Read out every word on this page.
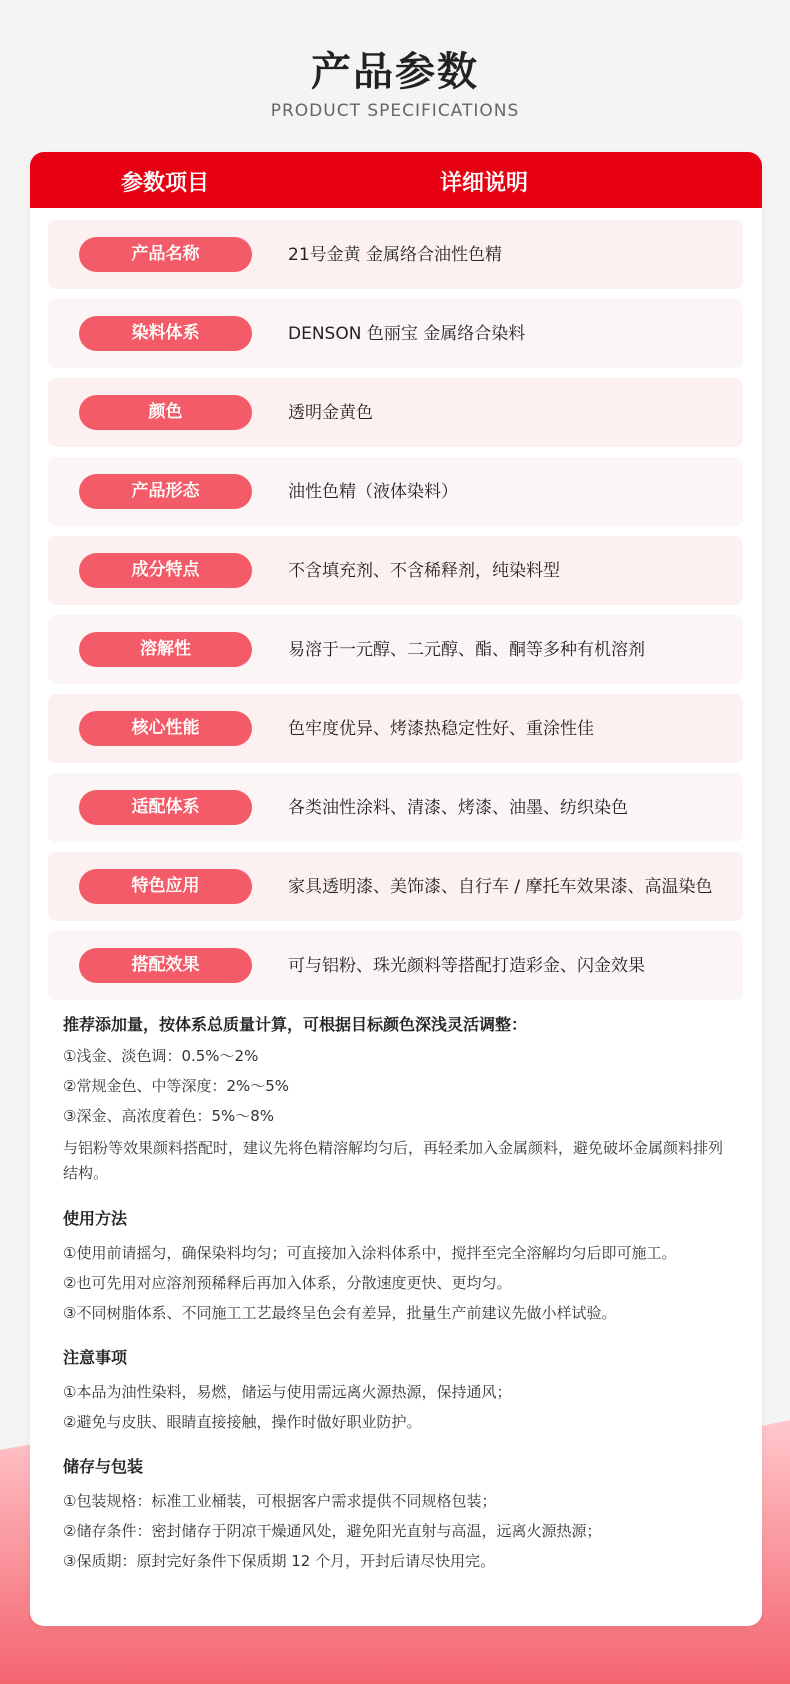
产品参数
PRODUCT SPECIFICATIONS
参数项目	详细说明
产品名称	21号金黄 金属络合油性色精
染料体系	DENSON 色丽宝 金属络合染料
颜色	透明金黄色
产品形态	油性色精（液体染料）
成分特点	不含填充剂、不含稀释剂，纯染料型
溶解性	易溶于一元醇、二元醇、酯、酮等多种有机溶剂
核心性能	色牢度优异、烤漆热稳定性好、重涂性佳
适配体系	各类油性涂料、清漆、烤漆、油墨、纺织染色
特色应用	家具透明漆、美饰漆、自行车 / 摩托车效果漆、高温染色
搭配效果	可与铝粉、珠光颜料等搭配打造彩金、闪金效果

推荐添加量，按体系总质量计算，可根据目标颜色深浅灵活调整：

①浅金、淡色调：0.5%～2%

②常规金色、中等深度：2%～5%

③深金、高浓度着色：5%～8%

与铝粉等效果颜料搭配时，建议先将色精溶解均匀后，再轻柔加入金属颜料，避免破坏金属颜料排列结构。

使用方法

①使用前请摇匀，确保染料均匀；可直接加入涂料体系中，搅拌至完全溶解均匀后即可施工。

②也可先用对应溶剂预稀释后再加入体系，分散速度更快、更均匀。

③不同树脂体系、不同施工工艺最终呈色会有差异，批量生产前建议先做小样试验。

注意事项

①本品为油性染料，易燃，储运与使用需远离火源热源，保持通风；

②避免与皮肤、眼睛直接接触，操作时做好职业防护。

储存与包装

①包装规格：标准工业桶装，可根据客户需求提供不同规格包装；

②储存条件：密封储存于阴凉干燥通风处，避免阳光直射与高温，远离火源热源；

③保质期：原封完好条件下保质期 12 个月，开封后请尽快用完。
